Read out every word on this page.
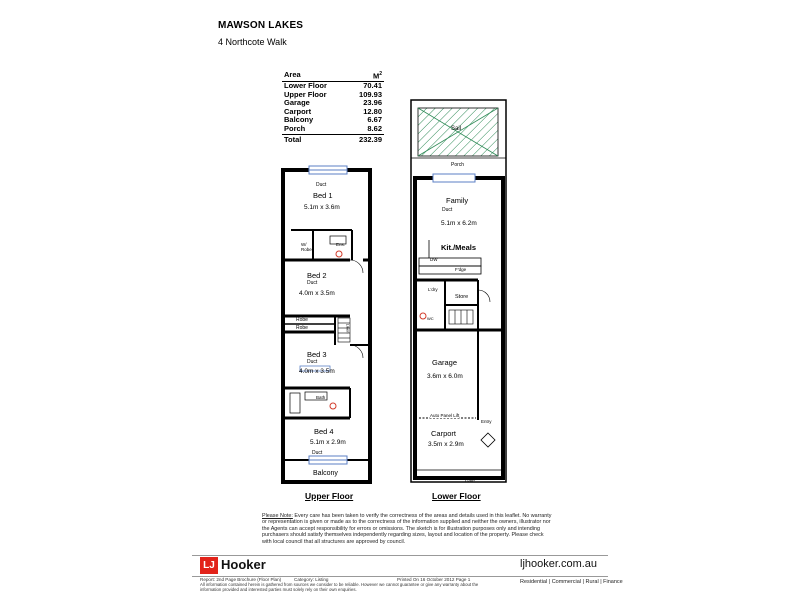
MAWSON LAKES
4 Northcote Walk
Area	$M^2$
Lower Floor	70.41
Upper Floor	109.93
Garage	23.96
Carport	12.80
Balcony	6.67
Porch	8.62
Total	232.39
Duct
Bed 1
5.1m x 3.6m
W/
Robe
Ens.
Bed 2
Duct
4.0m x 3.5m
Robe
Robe	Linen
Bed 3
Duct
4.0m x 3.5m
Bath
Bed 4
5.1m x 2.9m
Duct
Balcony
Upper Floor
Sail
Porch
Family
Duct
5.1m x 6.2m
Kit./Meals
DW
F'dge
L'dry
Store
WC
Garage
3.6m x 6.0m
Auto Panel Lift
Entry
Carport
3.5m x 2.9m
Gate
Lower Floor
Please Note: Every care has been taken to verify the correctness of the areas and details used in this leaflet. No warranty or representation is given or made as to the correctness of the information supplied and neither the owners, illustrator nor the Agents can accept responsibility for errors or omissions. The sketch is for illustration purposes only and intending purchasers should satisfy themselves independently regarding sizes, layout and location of the property. Please check with local council that all structures are approved by council.
LJ Hooker	ljhooker.com.au
Report: 2nd Page Brochure (Floor Plan)	Category: Listing	Printed On 16 October 2012 Page 1
All information contained herein is gathered from sources we consider to be reliable. However we cannot guarantee or give any warranty about the information provided and interested parties must solely rely on their own enquiries.
Residential | Commercial | Rural | Finance
